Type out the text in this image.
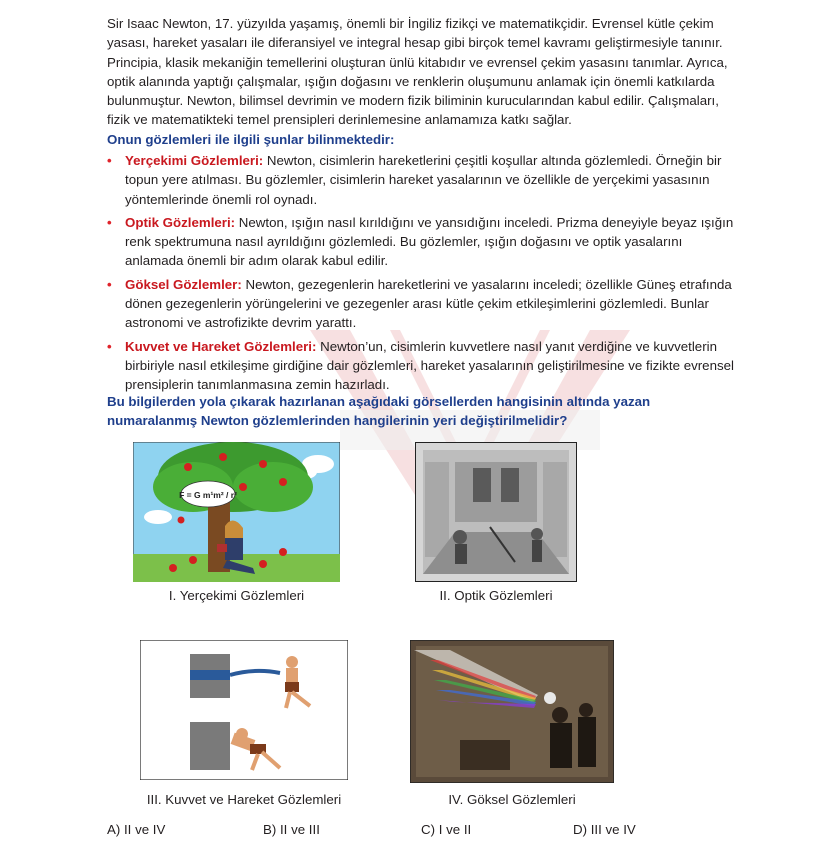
Sir Isaac Newton, 17. yüzyılda yaşamış, önemli bir İngiliz fizikçi ve matematikçidir. Evrensel kütle çekim yasası, hareket yasaları ile diferansiyel ve integral hesap gibi birçok temel kavramı geliştirmesiyle tanınır. Principia, klasik mekaniğin temellerini oluşturan ünlü kitabıdır ve evrensel çekim yasasını tanımlar. Ayrıca, optik alanında yaptığı çalışmalar, ışığın doğasını ve renklerin oluşumunu anlamak için önemli katkılarda bulunmuştur. Newton, bilimsel devrimin ve modern fizik biliminin kurucularından kabul edilir. Çalışmaları, fizik ve matematikteki temel prensipleri derinlemesine anlamamıza katkı sağlar.
Onun gözlemleri ile ilgili şunlar bilinmektedir:
• Yerçekimi Gözlemleri: Newton, cisimlerin hareketlerini çeşitli koşullar altında gözlemledi. Örneğin bir topun yere atılması. Bu gözlemler, cisimlerin hareket yasalarının ve özellikle de yerçekimi yasasının yöntemlerinde önemli rol oynadı.
• Optik Gözlemleri: Newton, ışığın nasıl kırıldığını ve yansıdığını inceledi. Prizma deneyiyle beyaz ışığın renk spektrumuna nasıl ayrıldığını gözlemledi. Bu gözlemler, ışığın doğasını ve optik yasalarını anlamada önemli bir adım olarak kabul edilir.
• Göksel Gözlemler: Newton, gezegenlerin hareketlerini ve yasalarını inceledi; özellikle Güneş etrafında dönen gezegenlerin yörüngelerini ve gezegenler arası kütle çekim etkileşimlerini gözlemledi. Bunlar astronomi ve astrofizikte devrim yarattı.
• Kuvvet ve Hareket Gözlemleri: Newton’un, cisimlerin kuvvetlere nasıl yanıt verdiğine ve kuvvetlerin birbiriyle nasıl etkileşime girdiğine dair gözlemleri, hareket yasalarının geliştirilmesine ve fizikte evrensel prensiplerin tanımlanmasına zemin hazırladı.
Bu bilgilerden yola çıkarak hazırlanan aşağıdaki görsellerden hangisinin altında yazan numaralanmış Newton gözlemlerinden hangilerinin yeri değiştirilmelidir?
F = G m¹m² / r²
I. Yerçekimi Gözlemleri	II. Optik Gözlemleri
III. Kuvvet ve Hareket Gözlemleri	IV. Göksel Gözlemleri
A) II ve IV	B) II ve III	C) I ve II	D) III ve IV
